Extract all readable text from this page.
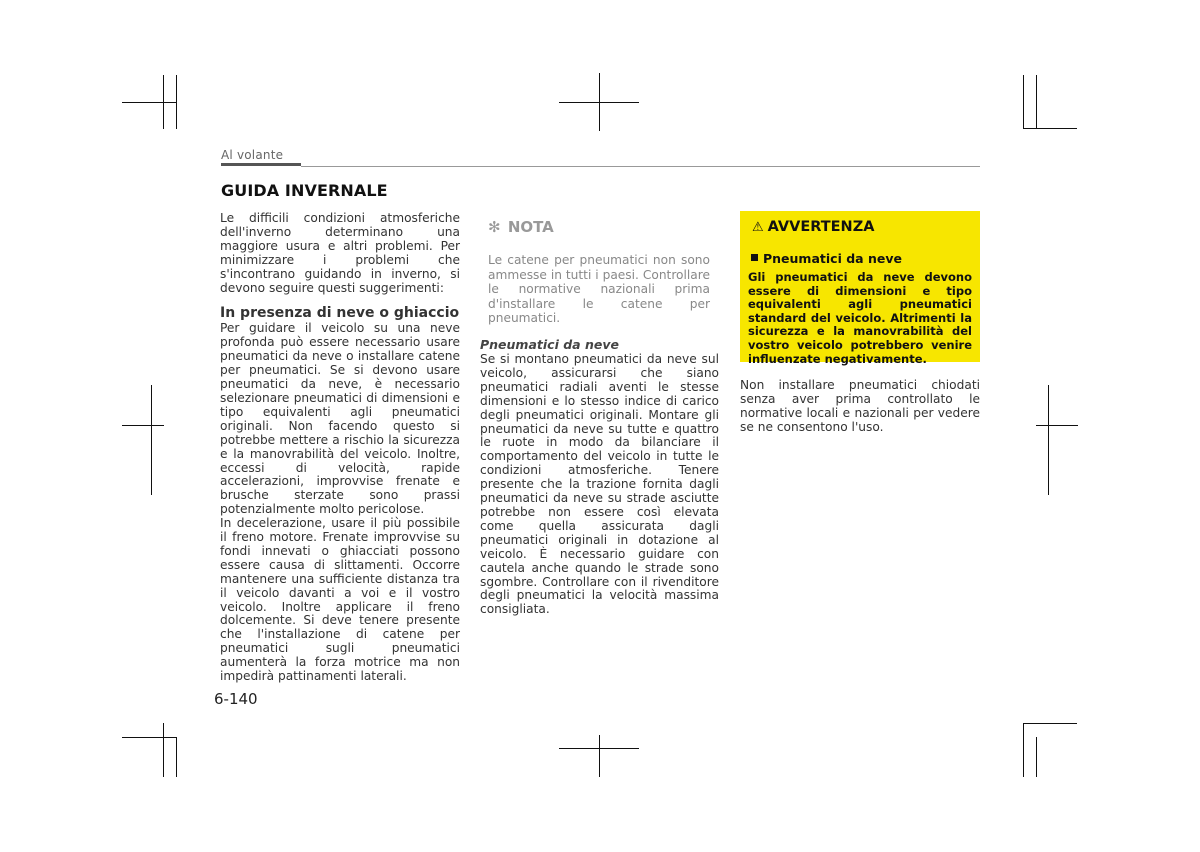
Al volante
GUIDA INVERNALE

Le difficili condizioni atmosferiche dell'inverno determinano una maggiore usura e altri problemi. Per minimizzare i problemi che s'incontrano guidando in inverno, si devono seguire questi suggerimenti:

In presenza di neve o ghiaccio

Per guidare il veicolo su una neve profonda può essere necessario usare pneumatici da neve o installare catene per pneumatici. Se si devono usare pneumatici da neve, è necessario selezionare pneumatici di dimensioni e tipo equivalenti agli pneumatici originali. Non facendo questo si potrebbe mettere a rischio la sicurezza e la manovrabilità del veicolo. Inoltre, eccessi di velocità, rapide accelerazioni, improvvise frenate e brusche sterzate sono prassi potenzialmente molto pericolose.

In decelerazione, usare il più possibile il freno motore. Frenate improvvise su fondi innevati o ghiacciati possono essere causa di slittamenti. Occorre mantenere una sufficiente distanza tra il veicolo davanti a voi e il vostro veicolo. Inoltre applicare il freno dolcemente. Si deve tenere presente che l'installazione di catene per pneumatici sugli pneumatici aumenterà la forza motrice ma non impedirà pattinamenti laterali.

✻ NOTA

Le catene per pneumatici non sono ammesse in tutti i paesi. Controllare le normative nazionali prima d'installare le catene per pneumatici.

Pneumatici da neve

Se si montano pneumatici da neve sul veicolo, assicurarsi che siano pneumatici radiali aventi le stesse dimensioni e lo stesso indice di carico degli pneumatici originali. Montare gli pneumatici da neve su tutte e quattro le ruote in modo da bilanciare il comportamento del veicolo in tutte le condizioni atmosferiche. Tenere presente che la trazione fornita dagli pneumatici da neve su strade asciutte potrebbe non essere così elevata come quella assicurata dagli pneumatici originali in dotazione al veicolo. È necessario guidare con cautela anche quando le strade sono sgombre. Controllare con il rivenditore degli pneumatici la velocità massima consigliata.

⚠ AVVERTENZA
Pneumatici da neve

Gli pneumatici da neve devono essere di dimensioni e tipo equivalenti agli pneumatici standard del veicolo. Altrimenti la sicurezza e la manovrabilità del vostro veicolo potrebbero venire influenzate negativamente.

Non installare pneumatici chiodati senza aver prima controllato le normative locali e nazionali per vedere se ne consentono l'uso.

6-140
